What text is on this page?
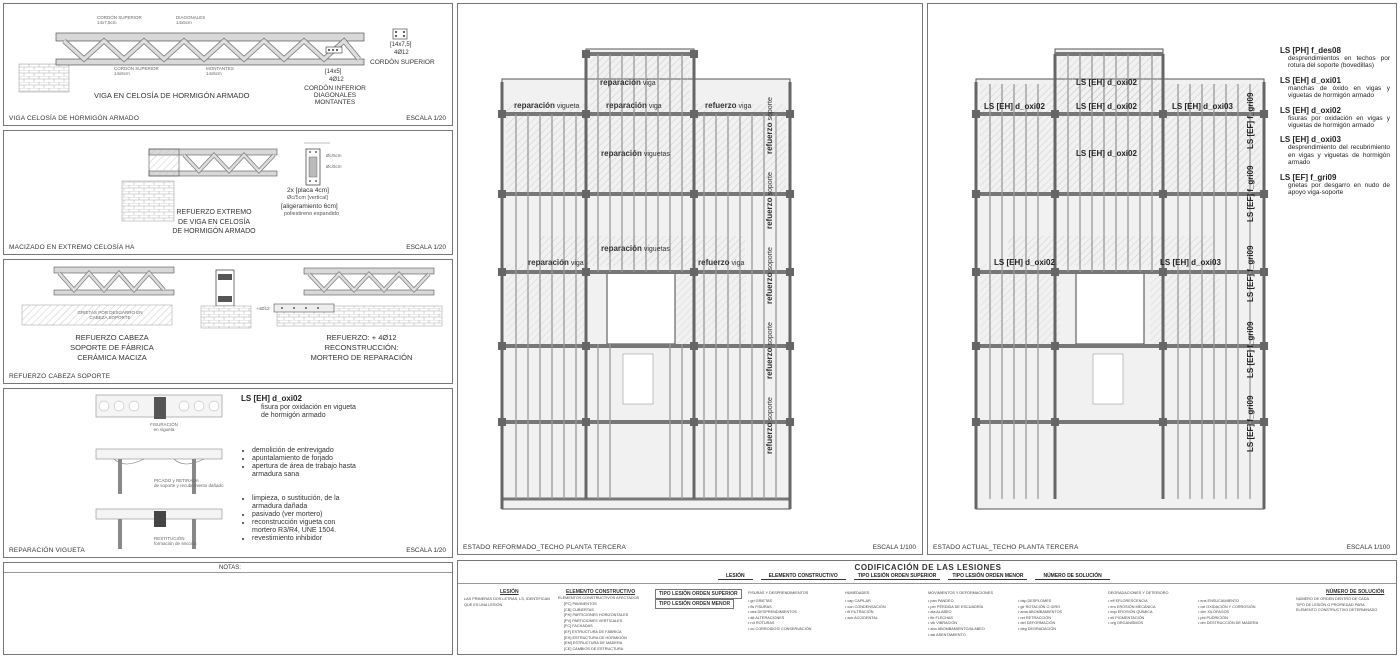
CORDÓN SUPERIOR
14x7,5cm
DIAGONALES
14x5cm
CORDÓN SUPERIOR
14x5cm
MONTANTES
14x5cm
VIGA EN CELOSÍA DE HORMIGÓN ARMADO
[14x5]
4Ø12
CORDÓN INFERIOR
DIAGONALES
MONTANTES
[14x7,5]
4Ø12
CORDÓN SUPERIOR
VIGA CELOSÍA DE HORMIGÓN ARMADO	ESCALA 1/20
Øc/5cm
Øc/5cm
2x [placa 4cm]
Øc/5cm [vertical]
[aligeramiento 6cm]
poliestireno expandido
REFUERZO EXTREMO
DE VIGA EN CELOSÍA
DE HORMIGÓN ARMADO
MACIZADO EN EXTREMO CELOSÍA HA	ESCALA 1/20
GRIETAS POR DESGARRO EN
CABEZA SOPORTE
+4Ø12
REFUERZO CABEZA
SOPORTE DE FÁBRICA
CERÁMICA MACIZA
REFUERZO: + 4Ø12
RECONSTRUCCIÓN:
MORTERO DE REPARACIÓN
REFUERZO CABEZA SOPORTE
FISURACIÓN
en vigueta
PICADO y RETIRADA
de soporte y recubrimiento dañado
RESTITUCIÓN
formación de sección
LS [EH] d_oxi02
fisura por oxidación en vigueta
de hormigón armado
• demolición de entrevigado
• apuntalamiento de forjado
• apertura de área de trabajo hasta armadura sana
• limpieza, o sustitución, de la armadura dañada
• pasivado (ver mortero)
• reconstrucción vigueta con mortero R3/R4, UNE 1504.
• revestimiento inhibidor
REPARACIÓN VIGUETA	ESCALA 1/20
NOTAS:
reparación vigueta	reparación viga	refuerzo viga
reparación viga
reparación viguetas
reparación viguetas
reparación viga	refuerzo viga
refuerzo soporte
refuerzo soporte
refuerzo soporte
refuerzo soporte
refuerzo soporte
ESTADO REFORMADO_TECHO PLANTA TERCERA	ESCALA 1/100
LS [EH] d_oxi02
LS [EH] d_oxi02	LS [EH] d_oxi02	LS [EH] d_oxi03
LS [EH] d_oxi02
LS [EH] d_oxi02	LS [EH] d_oxi03
LS [EF] f_gri09
LS [EF] f_gri09
LS [EF] f_gri09
LS [EF] f_gri09
LS [EF] f_gri09
LS [PH] f_des08
desprendimientos en techos por rotura del soporte (bovedillas)
LS [EH] d_oxi01
manchas de óxido en vigas y viguetas de hormigón armado
LS [EH] d_oxi02
fisuras por oxidación en vigas y viguetas de hormigón armado
LS [EH] d_oxi03
desprendimiento del recubrimiento en vigas y viguetas de hormigón armado
LS [EF] f_gri09
grietas por desgarro en nudo de apoyo viga-soporte
ESTADO ACTUAL_TECHO PLANTA TERCERA	ESCALA 1/100
CODIFICACIÓN DE LAS LESIONES
LESIÓN	ELEMENTO CONSTRUCTIVO	TIPO LESIÓN ORDEN SUPERIOR	TIPO LESIÓN ORDEN MENOR	NÚMERO DE SOLUCIÓN
LESIÓN
LAS PRIMERAS DOS LETRAS, LS, IDENTIFICAN
QUE ES UNA LESIÓN
ELEMENTO CONSTRUCTIVO
ELEMENTOS CONSTRUCTIVOS AFECTADOS
[PC] PAVIMENTOS
[CB] CUBIERTAS
[PH] PARTICIONES HORIZONTALES
[PV] PARTICIONES VERTICALES
[FC] FACHADAS
[EF] ESTRUCTURA DE FÁBRICA
[EH] ESTRUCTURA DE HORMIGÓN
[EM] ESTRUCTURA DE MADERA
[CE] CAMBIOS DE ESTRUCTURA
TIPO LESIÓN ORDEN SUPERIOR
TIPO LESIÓN ORDEN MENOR
FISURAS Y DESPRENDIMIENTOS
• gri GRIETAS
• fis FISURAS
• des DESPRENDIMIENTOS
• alt ALTERACIONES
• rot ROTURAS
• cu CORROIDOS/ CONSERVACIÓN
HUMEDADES
• cap CAPILAR
• con CONDENSACIÓN
• fil FILTRACIÓN
• acc ACCIDENTAL
MOVIMIENTOS Y DEFORMACIONES
• pan PANDEO
• per PÉRDIDA DE ESCUADRÍA
• ala ALABEO
• fle FLECHAS
• vib VIBRACIÓN
• abo ABOMBAMIENTO/ALABEO
• asi ASENTAMIENTO
• dsp DESPLOMES
• gir ROTACIÓN O GIRO
• ama ABOMBAMIENTOS
• ret RETRACCIÓN
• def DEFORMACIÓN
• deg DEGRADACIÓN
DEGRADACIONES Y DETERIORO
• eff EFLORESCENCIA
• ero EROSIÓN MECÁNICA
• equ EROSIÓN QUÍMICA
• eli PIGMENTACIÓN
• org ORGANISMOS
• ens ENSUCIAMIENTO
• oxi OXIDACIÓN Y CORROSIÓN
• xlm XILÓFAGOS
• pbl PUDRICIÓN
• dm DESTRUCCIÓN DE MADERA
NÚMERO DE SOLUCIÓN
NÚMERO DE ORDEN DENTRO DE CADA
TIPO DE LESIÓN O PROPIEDAD PARA
ELEMENTO CONSTRUCTIVO DETERMINADO
